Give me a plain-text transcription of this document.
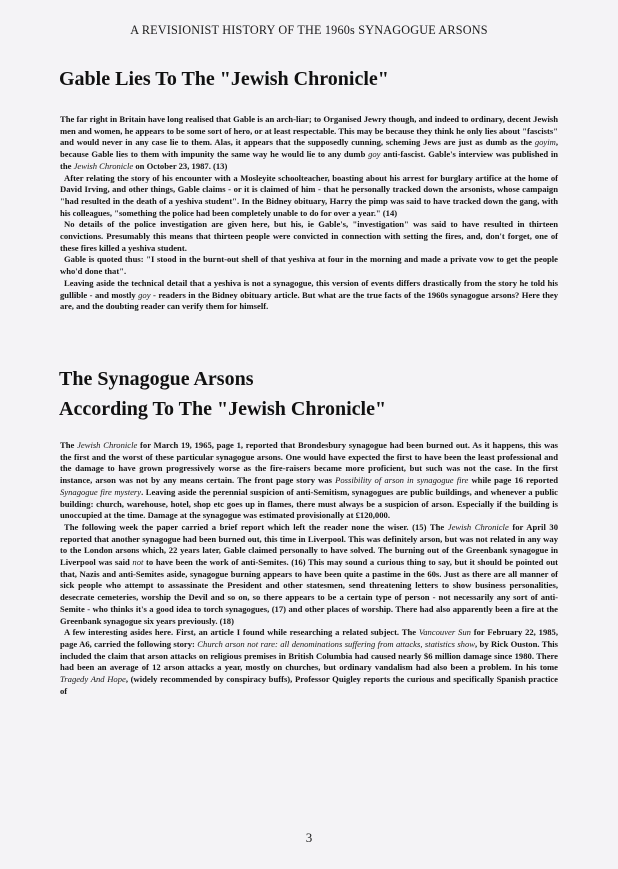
A REVISIONIST HISTORY OF THE 1960s SYNAGOGUE ARSONS
Gable Lies To The "Jewish Chronicle"

The far right in Britain have long realised that Gable is an arch-liar; to Organised Jewry though, and indeed to ordinary, decent Jewish men and women, he appears to be some sort of hero, or at least respectable. This may be because they think he only lies about "fascists" and would never in any case lie to them. Alas, it appears that the supposedly cunning, scheming Jews are just as dumb as the goyim, because Gable lies to them with impunity the same way he would lie to any dumb goy anti-fascist. Gable's interview was published in the Jewish Chronicle on October 23, 1987. (13)

After relating the story of his encounter with a Mosleyite schoolteacher, boasting about his arrest for burglary artifice at the home of David Irving, and other things, Gable claims - or it is claimed of him - that he personally tracked down the arsonists, whose campaign "had resulted in the death of a yeshiva student". In the Bidney obituary, Harry the pimp was said to have tracked down the gang, with his colleagues, "something the police had been completely unable to do for over a year." (14)

No details of the police investigation are given here, but his, ie Gable's, "investigation" was said to have resulted in thirteen convictions. Presumably this means that thirteen people were convicted in connection with setting the fires, and, don't forget, one of these fires killed a yeshiva student.

Gable is quoted thus: "I stood in the burnt-out shell of that yeshiva at four in the morning and made a private vow to get the people who'd done that".

Leaving aside the technical detail that a yeshiva is not a synagogue, this version of events differs drastically from the story he told his gullible - and mostly goy - readers in the Bidney obituary article. But what are the true facts of the 1960s synagogue arsons? Here they are, and the doubting reader can verify them for himself.

The Synagogue Arsons
According To The "Jewish Chronicle"

The Jewish Chronicle for March 19, 1965, page 1, reported that Brondesbury synagogue had been burned out. As it happens, this was the first and the worst of these particular synagogue arsons. One would have expected the first to have been the least professional and the damage to have grown progressively worse as the fire-raisers became more proficient, but such was not the case. In the first instance, arson was not by any means certain. The front page story was Possibility of arson in synagogue fire while page 16 reported Synagogue fire mystery. Leaving aside the perennial suspicion of anti-Semitism, synagogues are public buildings, and whenever a public building: church, warehouse, hotel, shop etc goes up in flames, there must always be a suspicion of arson. Especially if the building is unoccupied at the time. Damage at the synagogue was estimated provisionally at £120,000.

The following week the paper carried a brief report which left the reader none the wiser. (15) The Jewish Chronicle for April 30 reported that another synagogue had been burned out, this time in Liverpool. This was definitely arson, but was not related in any way to the London arsons which, 22 years later, Gable claimed personally to have solved. The burning out of the Greenbank synagogue in Liverpool was said not to have been the work of anti-Semites. (16) This may sound a curious thing to say, but it should be pointed out that, Nazis and anti-Semites aside, synagogue burning appears to have been quite a pastime in the 60s. Just as there are all manner of sick people who attempt to assassinate the President and other statesmen, send threatening letters to show business personalities, desecrate cemeteries, worship the Devil and so on, so there appears to be a certain type of person - not necessarily any sort of anti-Semite - who thinks it's a good idea to torch synagogues, (17) and other places of worship. There had also apparently been a fire at the Greenbank synagogue six years previously. (18)

A few interesting asides here. First, an article I found while researching a related subject. The Vancouver Sun for February 22, 1985, page A6, carried the following story: Church arson not rare: all denominations suffering from attacks, statistics show, by Rick Ouston. This included the claim that arson attacks on religious premises in British Columbia had caused nearly $6 million damage since 1980. There had been an average of 12 arson attacks a year, mostly on churches, but ordinary vandalism had also been a problem. In his tome Tragedy And Hope, (widely recommended by conspiracy buffs), Professor Quigley reports the curious and specifically Spanish practice of

3
